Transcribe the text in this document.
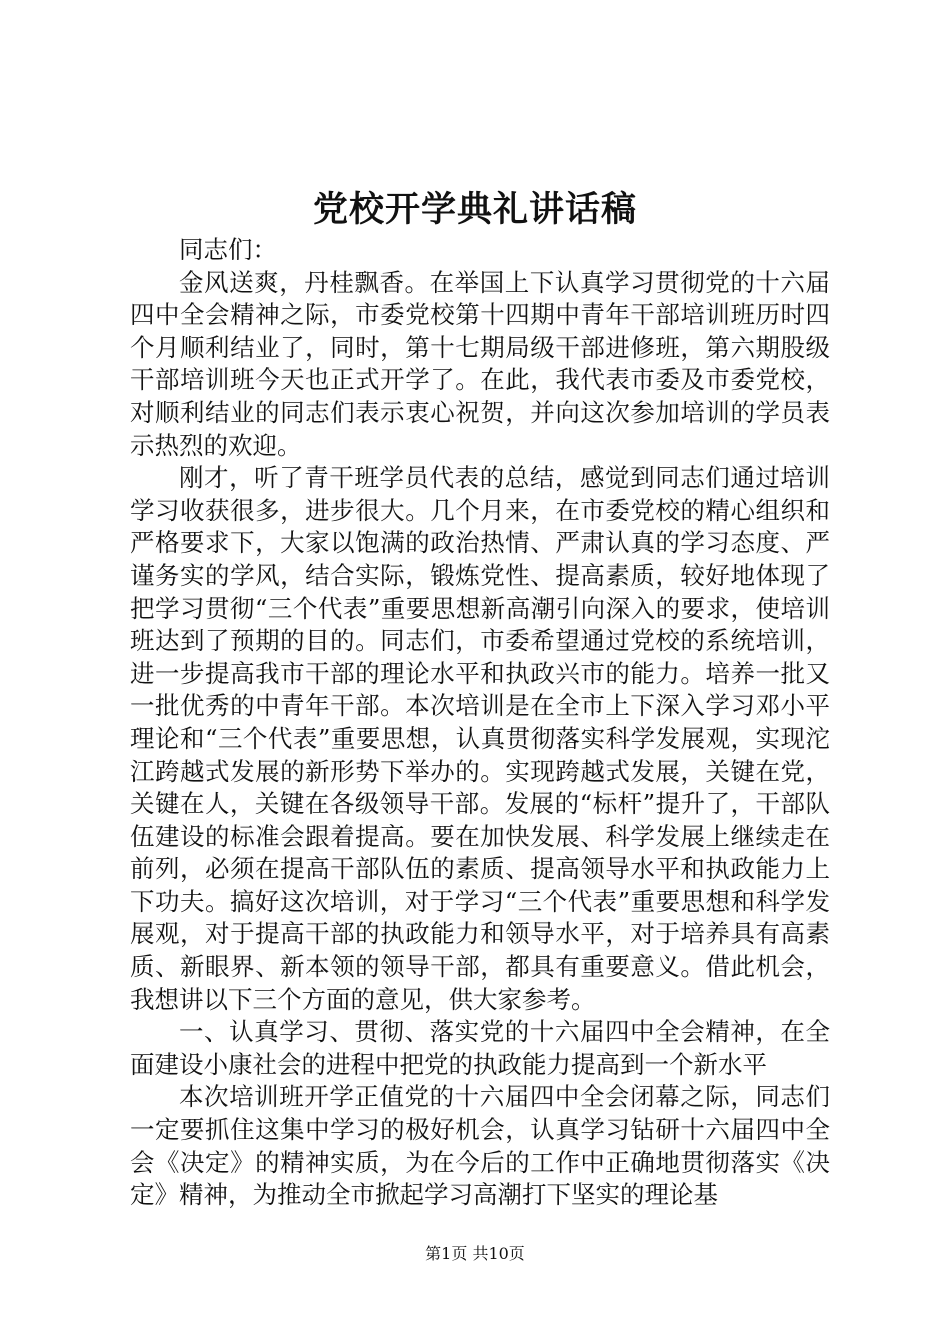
党校开学典礼讲话稿

同志们：

金风送爽，丹桂飘香。在举国上下认真学习贯彻党的十六届四中全会精神之际，市委党校第十四期中青年干部培训班历时四个月顺利结业了，同时，第十七期局级干部进修班，第六期股级干部培训班今天也正式开学了。在此，我代表市委及市委党校，对顺利结业的同志们表示衷心祝贺，并向这次参加培训的学员表示热烈的欢迎。

刚才，听了青干班学员代表的总结，感觉到同志们通过培训学习收获很多，进步很大。几个月来，在市委党校的精心组织和严格要求下，大家以饱满的政治热情、严肃认真的学习态度、严谨务实的学风，结合实际，锻炼党性、提高素质，较好地体现了把学习贯彻“三个代表”重要思想新高潮引向深入的要求，使培训班达到了预期的目的。同志们，市委希望通过党校的系统培训，进一步提高我市干部的理论水平和执政兴市的能力。培养一批又一批优秀的中青年干部。本次培训是在全市上下深入学习邓小平理论和“三个代表”重要思想，认真贯彻落实科学发展观，实现沱江跨越式发展的新形势下举办的。实现跨越式发展，关键在党，关键在人，关键在各级领导干部。发展的“标杆”提升了，干部队伍建设的标准会跟着提高。要在加快发展、科学发展上继续走在前列，必须在提高干部队伍的素质、提高领导水平和执政能力上下功夫。搞好这次培训，对于学习“三个代表”重要思想和科学发展观，对于提高干部的执政能力和领导水平，对于培养具有高素质、新眼界、新本领的领导干部，都具有重要意义。借此机会，我想讲以下三个方面的意见，供大家参考。

一、认真学习、贯彻、落实党的十六届四中全会精神，在全面建设小康社会的进程中把党的执政能力提高到一个新水平

本次培训班开学正值党的十六届四中全会闭幕之际，同志们一定要抓住这集中学习的极好机会，认真学习钻研十六届四中全会《决定》的精神实质，为在今后的工作中正确地贯彻落实《决定》精神，为推动全市掀起学习高潮打下坚实的理论基

第1页 共10页
